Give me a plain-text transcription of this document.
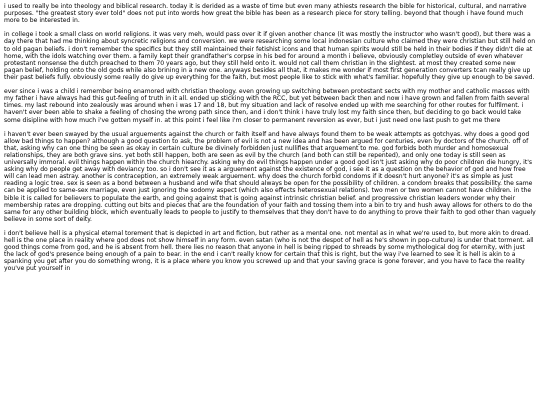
i used to really be into theology and biblical research. today it is derided as a waste of time but even many athiests research the bible for historical, cultural, and narrative purposes. "the greatest story ever told" does not put into words how great the bible has been as a research piece for story telling. beyond that though i have found much more to be interested in.

in college i took a small class on world religions. it was very meh, would pass over it if given another chance (it was mostly the instructor who wasn't good), but there was a day there that had me thinking about syncretic religions and conversion. we were researching some local indonesian culture who claimed they were christian but still held on to old pagan beliefs. i don't remember the specifics but they still maintained their fetishist icons and that human spirits would still be held in their bodies if they didn't die at home, with the idols watching over them. a family kept their grandfather's corpse in his bed for around a month i believe, obviously completley outside of even whatever protestant nonsense the dutch preached to them 70 years ago, but they still held onto it. would not call them christian in the slightest. at most they created some new pagan belief, holding onto the old gods while also brining in a new one. anyways besides all that, it makes me wonder if most first generation converters tcan really give up their past beliefs fully. obviously some really do give up everything for the faith, but most people like to stick with what's familiar. hopefully they give up enough to be saved.

ever since i was a child i remember being enamored with christian theology. even growing up switching between protestant sects with my mother and catholic masses with my father i have always had this gut-feeling of truth in it all. ended up sticking with the RCC, but yet between back then and now i have grown and fallen from faith several times. my last rebound into zealously was around when i was 17 and 18, but my situation and lack of resolve ended up with me searching for other routes for fulfilment. i haven't ever been able to shake a feeling of chosing the wrong path since then, and i don't think i have truly lost my faith since then, but deciding to go back would take some disipline with how much i've gotten myself in. at this point i feel like i'm closer to permanent reversion as ever, but i just need one last push to get me there

i haven't ever been swayed by the usual arguements against the church or faith itself and have always found them to be weak attempts as gotchyas. why does a good god allow bad things to happen? although a good question to ask, the problem of evil is not a new idea and has been argued for centuries, even by doctors of the church. off of that, asking why can one thing be seen as okay in certain culture be divinely forbidden just nullifies that arguement to me. god forbids both murder and homosexual relationships, they are both grave sins. yet both still happen, both are seen as evil by the church (and both can still be repented), and only one today is still seen as universally immoral. evil things happen within the church hiearchy. asking why do evil things happen under a good god isn't just asking why do poor children die hungry, it's asking why do people get away with deviancy too. so i don't see it as a arguement against the existence of god, i see it as a question on the behavior of god and how free will can lead men astray. another is contraception, an extremely weak arguement. why does the church forbid condoms if it doesn't hurt anyone? it's as simple as just reading a logic tree. sex is seen as a bond between a husband and wife that should always be open for the possibility of children. a condom breaks that possibility. the same can be applied to same-sex marriage, even just ignoring the sodomy aspect (which also effects heterosexual relations). two men or two women cannot have children. in the bible it is called for believers to populate the earth, and going against that is going against intrinsic christian belief. and progressive christian leaders wonder why their membership rates are dropping. cutting out bits and pieces that are the foundation of your faith and tossing them into a bin to try and hush away allows for others to do the same for any other building block, which eventually leads to people to justify to themselves that they don't have to do anything to prove their faith to god other than vaguely believe in some sort of deity.

i don't believe hell is a physical eternal torement that is depicted in art and fiction, but rather as a mental one. not mental as in what we're used to, but more akin to dread. hell is the one place in reality where god does not show himself in any form. even satan (who is not the despot of hell as he's shown in pop-culture) is under that torment. all good things come from god, and he is absent from hell. there lies no reason that anyone in hell is being ripped to shreads by some mythological dog for eternity, with just the lack of god's presence being enough of a pain to bear. in the end i can't really know for certain that this is right, but the way i've learned to see it is hell is akin to a spanking you get after you do something wrong, it is a place where you know you screwed up and that your saving grace is gone forever, and you have to face the reality you've put yourself in
